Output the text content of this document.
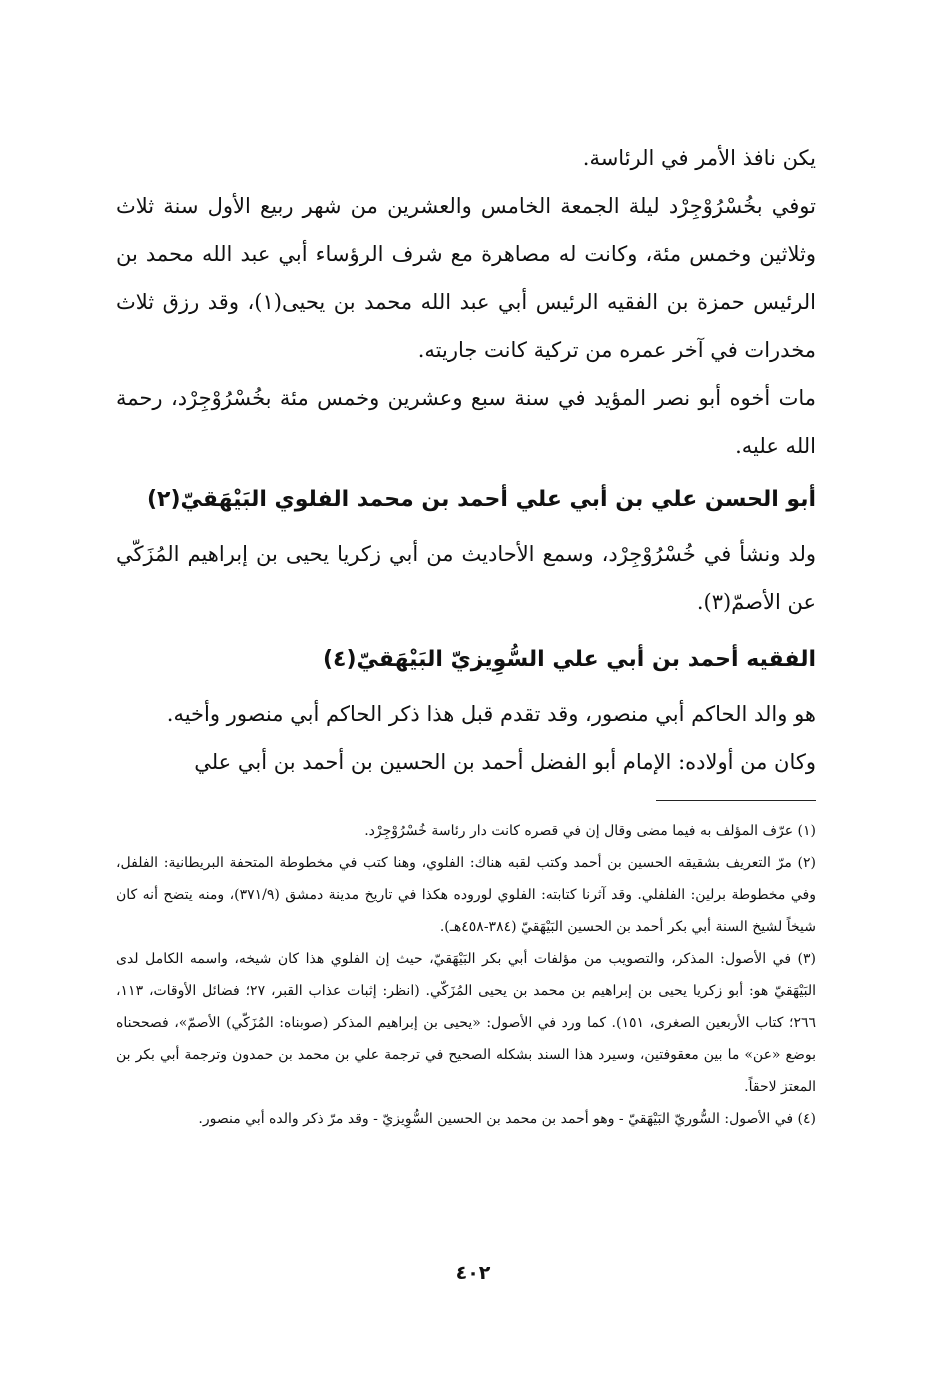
يكن نافذ الأمر في الرئاسة.
توفي بخُسْرُوْجِرْد ليلة الجمعة الخامس والعشرين من شهر ربيع الأول سنة ثلاث وثلاثين وخمس مئة، وكانت له مصاهرة مع شرف الرؤساء أبي عبد الله محمد بن الرئيس حمزة بن الفقيه الرئيس أبي عبد الله محمد بن يحيى(١)، وقد رزق ثلاث مخدرات في آخر عمره من تركية كانت جاريته.
مات أخوه أبو نصر المؤيد في سنة سبع وعشرين وخمس مئة بخُسْرُوْجِرْد، رحمة الله عليه.
أبو الحسن علي بن أبي علي أحمد بن محمد الفلوي البَيْهَقيّ(٢)
ولد ونشأ في خُسْرُوْجِرْد، وسمع الأحاديث من أبي زكريا يحيى بن إبراهيم المُزَكّي عن الأصمّ(٣).
الفقيه أحمد بن أبي علي السُّوِيزيّ البَيْهَقيّ(٤)
هو والد الحاكم أبي منصور، وقد تقدم قبل هذا ذكر الحاكم أبي منصور وأخيه.
وكان من أولاده: الإمام أبو الفضل أحمد بن الحسين بن أحمد بن أبي علي
(١) عرّف المؤلف به فيما مضى وقال إن في قصره كانت دار رئاسة خُسْرُوْجِرْد.
(٢) مرّ التعريف بشقيقه الحسين بن أحمد وكتب لقبه هناك: الفلوي، وهنا كتب في مخطوطة المتحفة البريطانية: الفلفل، وفي مخطوطة برلين: الفلفلي. وقد آثرنا كتابته: الفلوي لوروده هكذا في تاريخ مدينة دمشق (٣٧١/٩)، ومنه يتضح أنه كان شيخاً لشيخ السنة أبي بكر أحمد بن الحسين البَيْهَقيّ (٣٨٤-٤٥٨هـ).
(٣) في الأصول: المذكر، والتصويب من مؤلفات أبي بكر البَيْهَقيّ، حيث إن الفلوي هذا كان شيخه، واسمه الكامل لدى البَيْهَقيّ هو: أبو زكريا يحيى بن إبراهيم بن محمد بن يحيى المُزَكّي. (انظر: إثبات عذاب القبر، ٢٧؛ فضائل الأوقات، ١١٣، ٢٦٦؛ كتاب الأربعين الصغرى، ١٥١). كما ورد في الأصول: «يحيى بن إبراهيم المذكر (صوبناه: المُزَكّي) الأصمّ»، فصححناه بوضع «عن» ما بين معقوفتين، وسيرد هذا السند بشكله الصحيح في ترجمة علي بن محمد بن حمدون وترجمة أبي بكر بن المعتز لاحقاً.
(٤) في الأصول: السُّوريّ البَيْهَقيّ - وهو أحمد بن محمد بن الحسين السُّوِيزيّ - وقد مرّ ذكر والده أبي منصور.
٤٠٢
